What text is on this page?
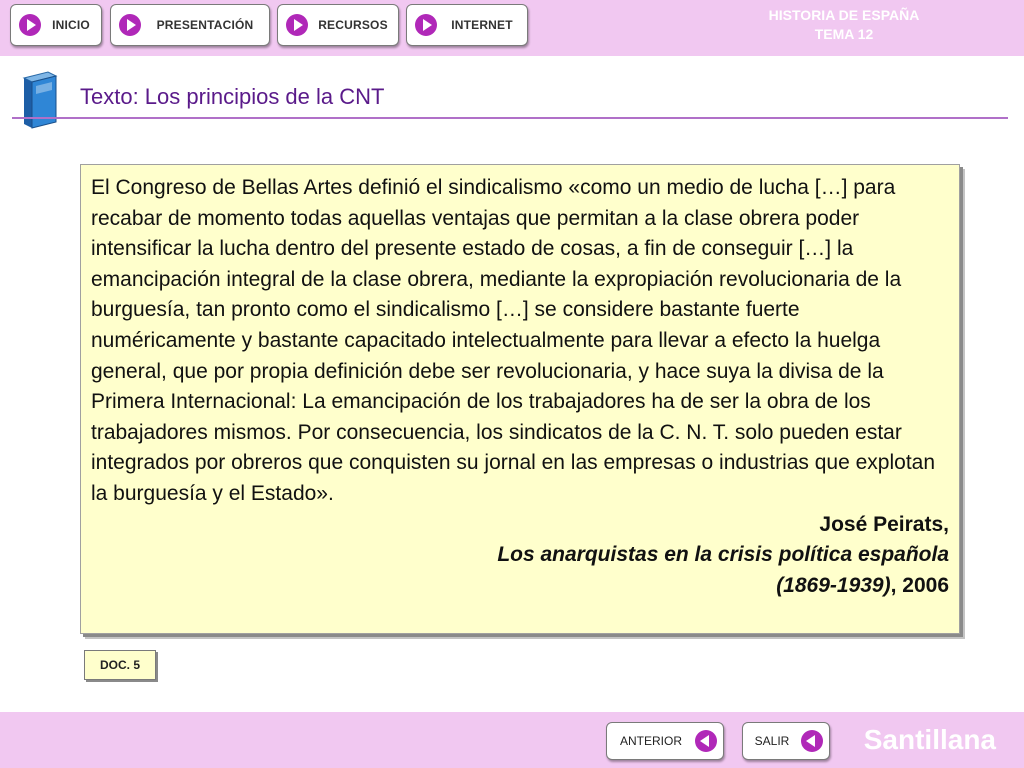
INICIO	PRESENTACIÓN	RECURSOS	INTERNET
HISTORIA DE ESPAÑA
TEMA 12
Texto: Los principios de la CNT
El Congreso de Bellas Artes definió el sindicalismo «como un medio de lucha […] para recabar de momento todas aquellas ventajas que permitan a la clase obrera poder intensificar la lucha dentro del presente estado de cosas, a fin de conseguir […] la emancipación integral de la clase obrera, mediante la expropiación revolucionaria de la burguesía, tan pronto como el sindicalismo […] se considere bastante fuerte numéricamente y bastante capacitado intelectualmente para llevar a efecto la huelga general, que por propia definición debe ser revolucionaria, y hace suya la divisa de la Primera Internacional: La emancipación de los trabajadores ha de ser la obra de los trabajadores mismos. Por consecuencia, los sindicatos de la C. N. T. solo pueden estar integrados por obreros que conquisten su jornal en las empresas o industrias que explotan la burguesía y el Estado».
José Peirats,
Los anarquistas en la crisis política española
(1869-1939), 2006
DOC. 5
ANTERIOR	SALIR	Santillana
